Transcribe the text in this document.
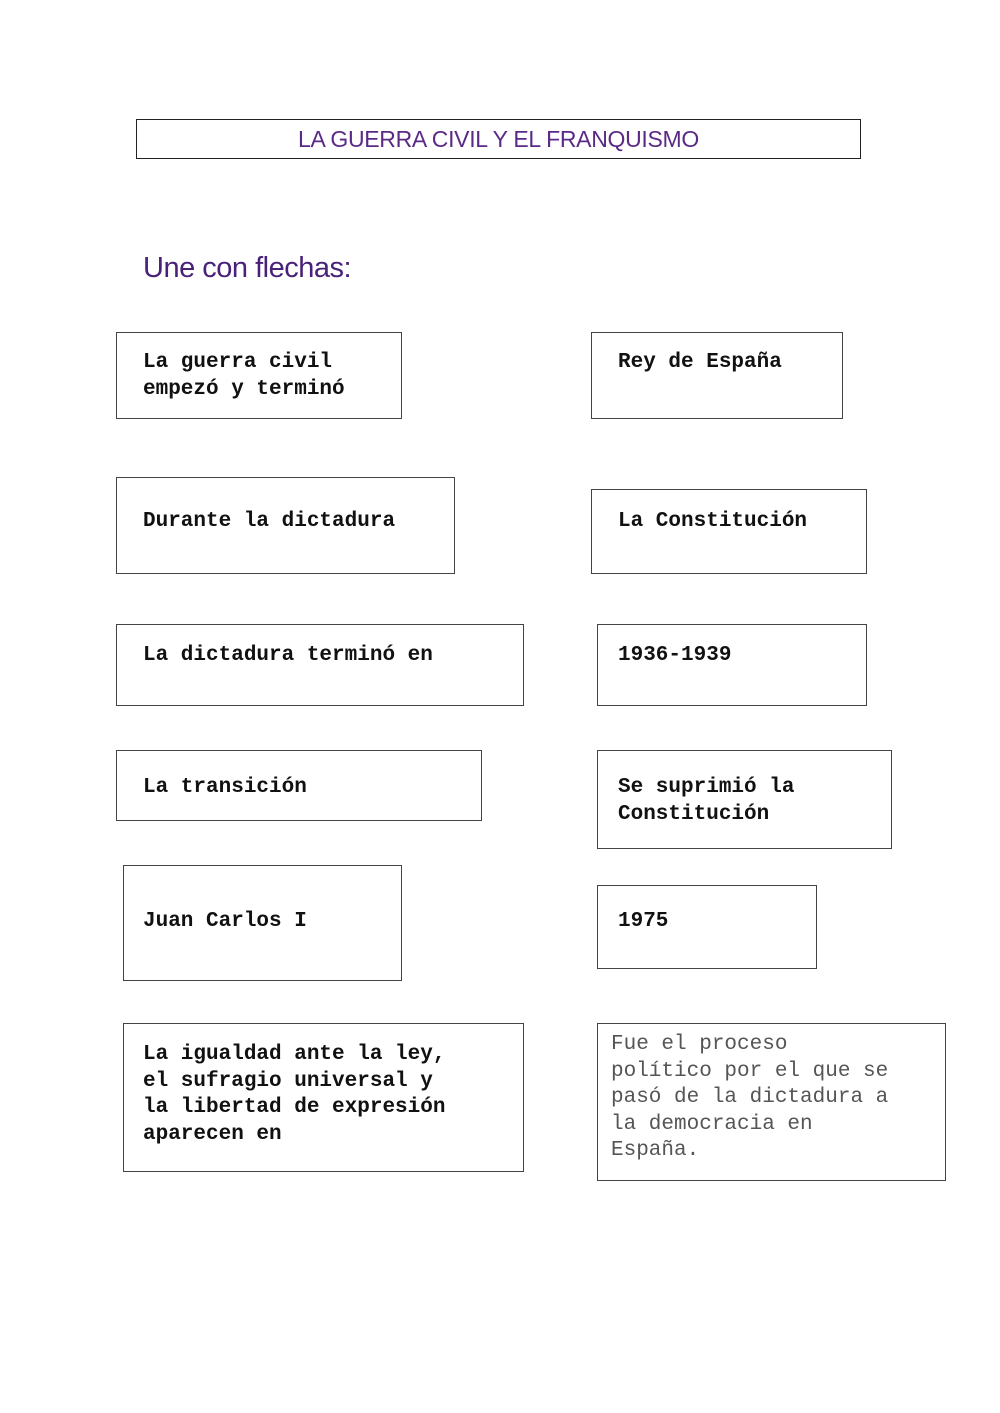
LA GUERRA CIVIL Y EL FRANQUISMO
Une con flechas:

La guerra civil
empezó y terminó

Durante la dictadura

La dictadura terminó en

La transición

Juan Carlos I

La igualdad ante la ley,
el sufragio universal y
la libertad de expresión
aparecen en

Rey de España

La Constitución

1936-1939

Se suprimió la
Constitución

1975

Fue el proceso
político por el que se
pasó de la dictadura a
la democracia en
España.
